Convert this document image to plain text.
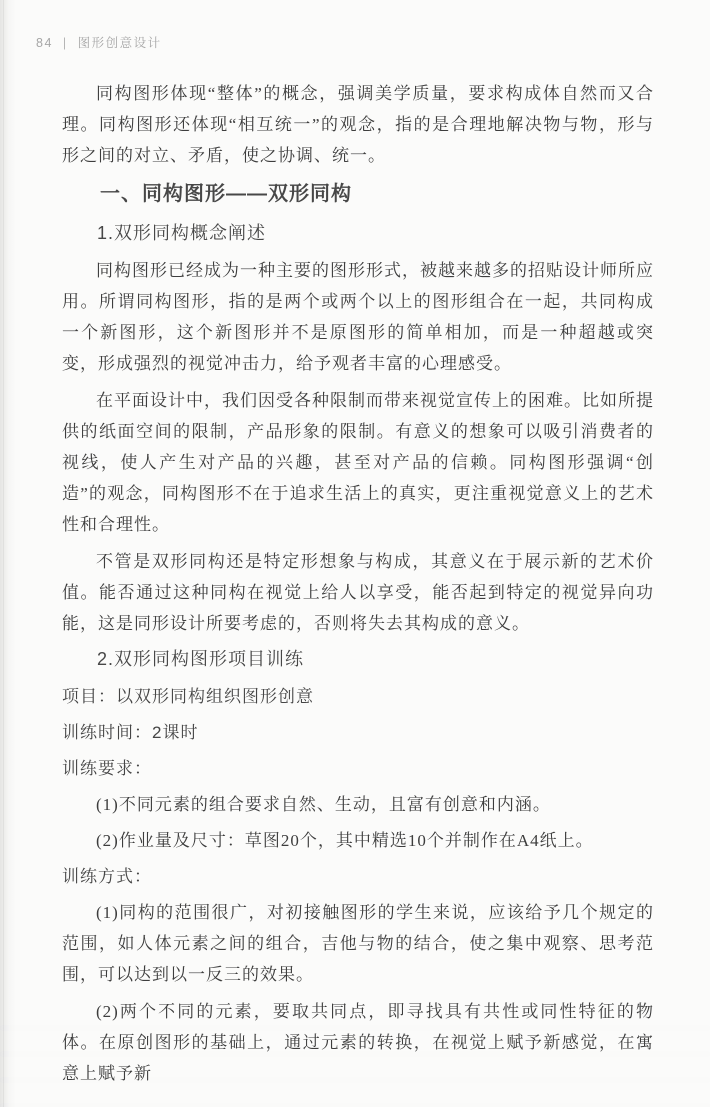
84 | 图形创意设计
同构图形体现“整体”的概念，强调美学质量，要求构成体自然而又合理。同构图形还体现“相互统一”的观念，指的是合理地解决物与物，形与形之间的对立、矛盾，使之协调、统一。
一、同构图形——双形同构
1.双形同构概念阐述
同构图形已经成为一种主要的图形形式，被越来越多的招贴设计师所应用。所谓同构图形，指的是两个或两个以上的图形组合在一起，共同构成一个新图形，这个新图形并不是原图形的简单相加，而是一种超越或突变，形成强烈的视觉冲击力，给予观者丰富的心理感受。
在平面设计中，我们因受各种限制而带来视觉宣传上的困难。比如所提供的纸面空间的限制，产品形象的限制。有意义的想象可以吸引消费者的视线，使人产生对产品的兴趣，甚至对产品的信赖。同构图形强调“创造”的观念，同构图形不在于追求生活上的真实，更注重视觉意义上的艺术性和合理性。
不管是双形同构还是特定形想象与构成，其意义在于展示新的艺术价值。能否通过这种同构在视觉上给人以享受，能否起到特定的视觉异向功能，这是同形设计所要考虑的，否则将失去其构成的意义。
2.双形同构图形项目训练
项目：以双形同构组织图形创意
训练时间：2课时
训练要求：
(1)不同元素的组合要求自然、生动，且富有创意和内涵。
(2)作业量及尺寸：草图20个，其中精选10个并制作在A4纸上。
训练方式：
(1)同构的范围很广，对初接触图形的学生来说，应该给予几个规定的范围，如人体元素之间的组合，吉他与物的结合，使之集中观察、思考范围，可以达到以一反三的效果。
(2)两个不同的元素，要取共同点，即寻找具有共性或同性特征的物体。在原创图形的基础上，通过元素的转换，在视觉上赋予新感觉，在寓意上赋予新
